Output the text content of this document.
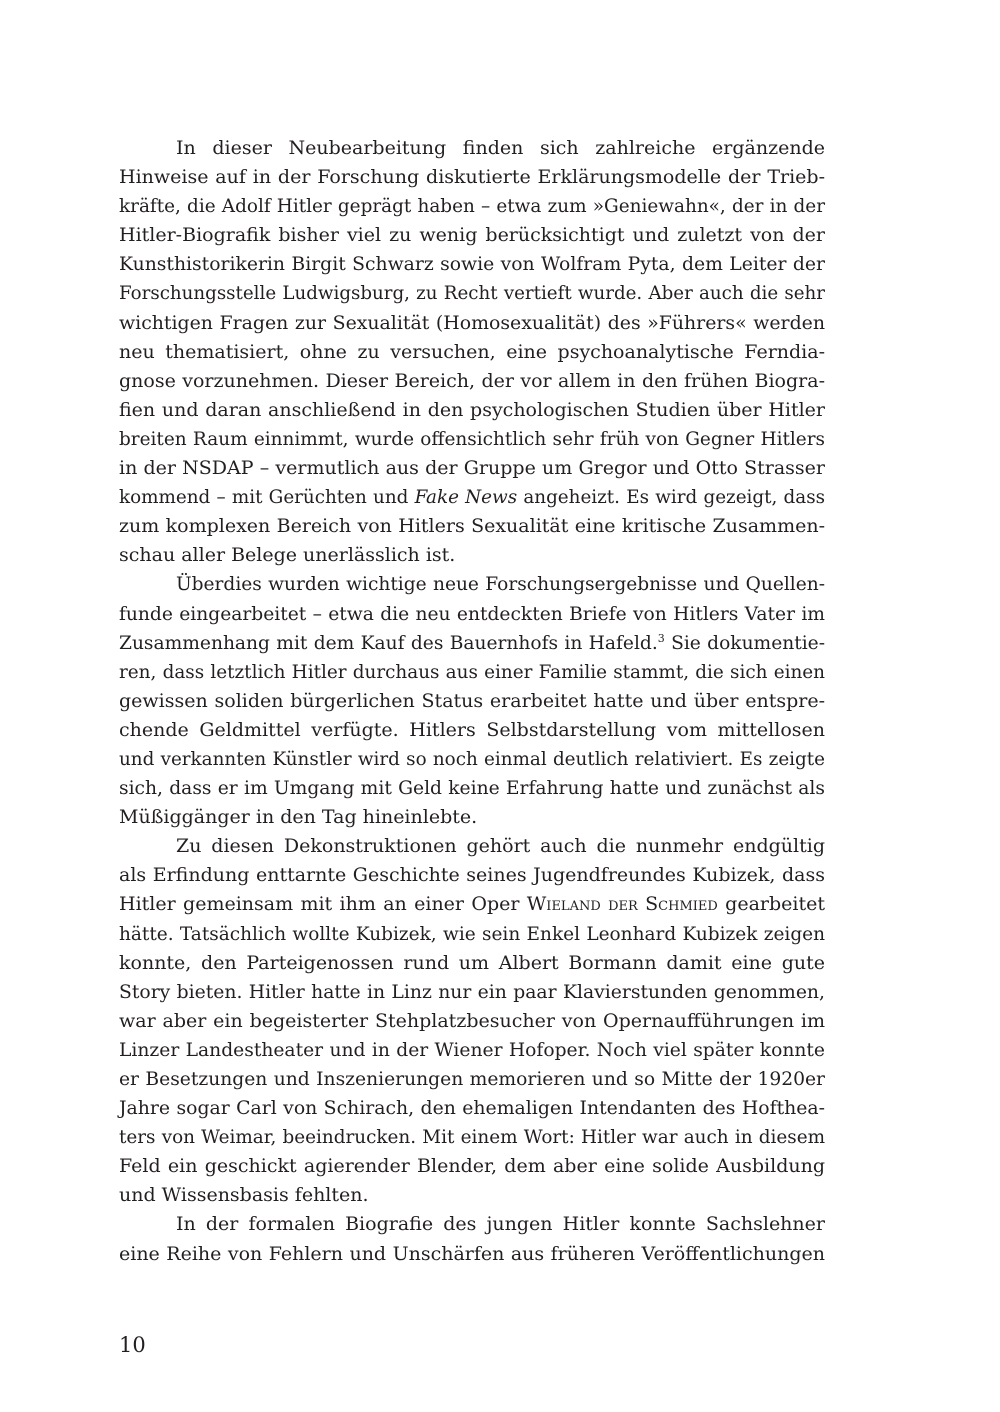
In dieser Neubearbeitung finden sich zahlreiche ergänzende
Hinweise auf in der Forschung diskutierte Erklärungsmodelle der Trieb-
kräfte, die Adolf Hitler geprägt haben – etwa zum »Geniewahn«, der in der
Hitler-Biografik bisher viel zu wenig berücksichtigt und zuletzt von der
Kunsthistorikerin Birgit Schwarz sowie von Wolfram Pyta, dem Leiter der
Forschungsstelle Ludwigsburg, zu Recht vertieft wurde. Aber auch die sehr
wichtigen Fragen zur Sexualität (Homosexualität) des »Führers« werden
neu thematisiert, ohne zu versuchen, eine psychoanalytische Ferndia-
gnose vorzunehmen. Dieser Bereich, der vor allem in den frühen Biogra-
fien und daran anschließend in den psychologischen Studien über Hitler
breiten Raum einnimmt, wurde offensichtlich sehr früh von Gegner Hitlers
in der NSDAP – vermutlich aus der Gruppe um Gregor und Otto Strasser
kommend – mit Gerüchten und Fake News angeheizt. Es wird gezeigt, dass
zum komplexen Bereich von Hitlers Sexualität eine kritische Zusammen-
schau aller Belege unerlässlich ist.
Überdies wurden wichtige neue Forschungsergebnisse und Quellen-
funde eingearbeitet – etwa die neu entdeckten Briefe von Hitlers Vater im
Zusammenhang mit dem Kauf des Bauernhofs in Hafeld.$^3$ Sie dokumentie-
ren, dass letztlich Hitler durchaus aus einer Familie stammt, die sich einen
gewissen soliden bürgerlichen Status erarbeitet hatte und über entspre-
chende Geldmittel verfügte. Hitlers Selbstdarstellung vom mittellosen
und verkannten Künstler wird so noch einmal deutlich relativiert. Es zeigte
sich, dass er im Umgang mit Geld keine Erfahrung hatte und zunächst als
Müßiggänger in den Tag hineinlebte.
Zu diesen Dekonstruktionen gehört auch die nunmehr endgültig
als Erfindung enttarnte Geschichte seines Jugendfreundes Kubizek, dass
Hitler gemeinsam mit ihm an einer Oper Wieland der Schmied gearbeitet
hätte. Tatsächlich wollte Kubizek, wie sein Enkel Leonhard Kubizek zeigen
konnte, den Parteigenossen rund um Albert Bormann damit eine gute
Story bieten. Hitler hatte in Linz nur ein paar Klavierstunden genommen,
war aber ein begeisterter Stehplatzbesucher von Opernaufführungen im
Linzer Landestheater und in der Wiener Hofoper. Noch viel später konnte
er Besetzungen und Inszenierungen memorieren und so Mitte der 1920er
Jahre sogar Carl von Schirach, den ehemaligen Intendanten des Hofthea-
ters von Weimar, beeindrucken. Mit einem Wort: Hitler war auch in diesem
Feld ein geschickt agierender Blender, dem aber eine solide Ausbildung
und Wissensbasis fehlten.
In der formalen Biografie des jungen Hitler konnte Sachslehner
eine Reihe von Fehlern und Unschärfen aus früheren Veröffentlichungen
10
